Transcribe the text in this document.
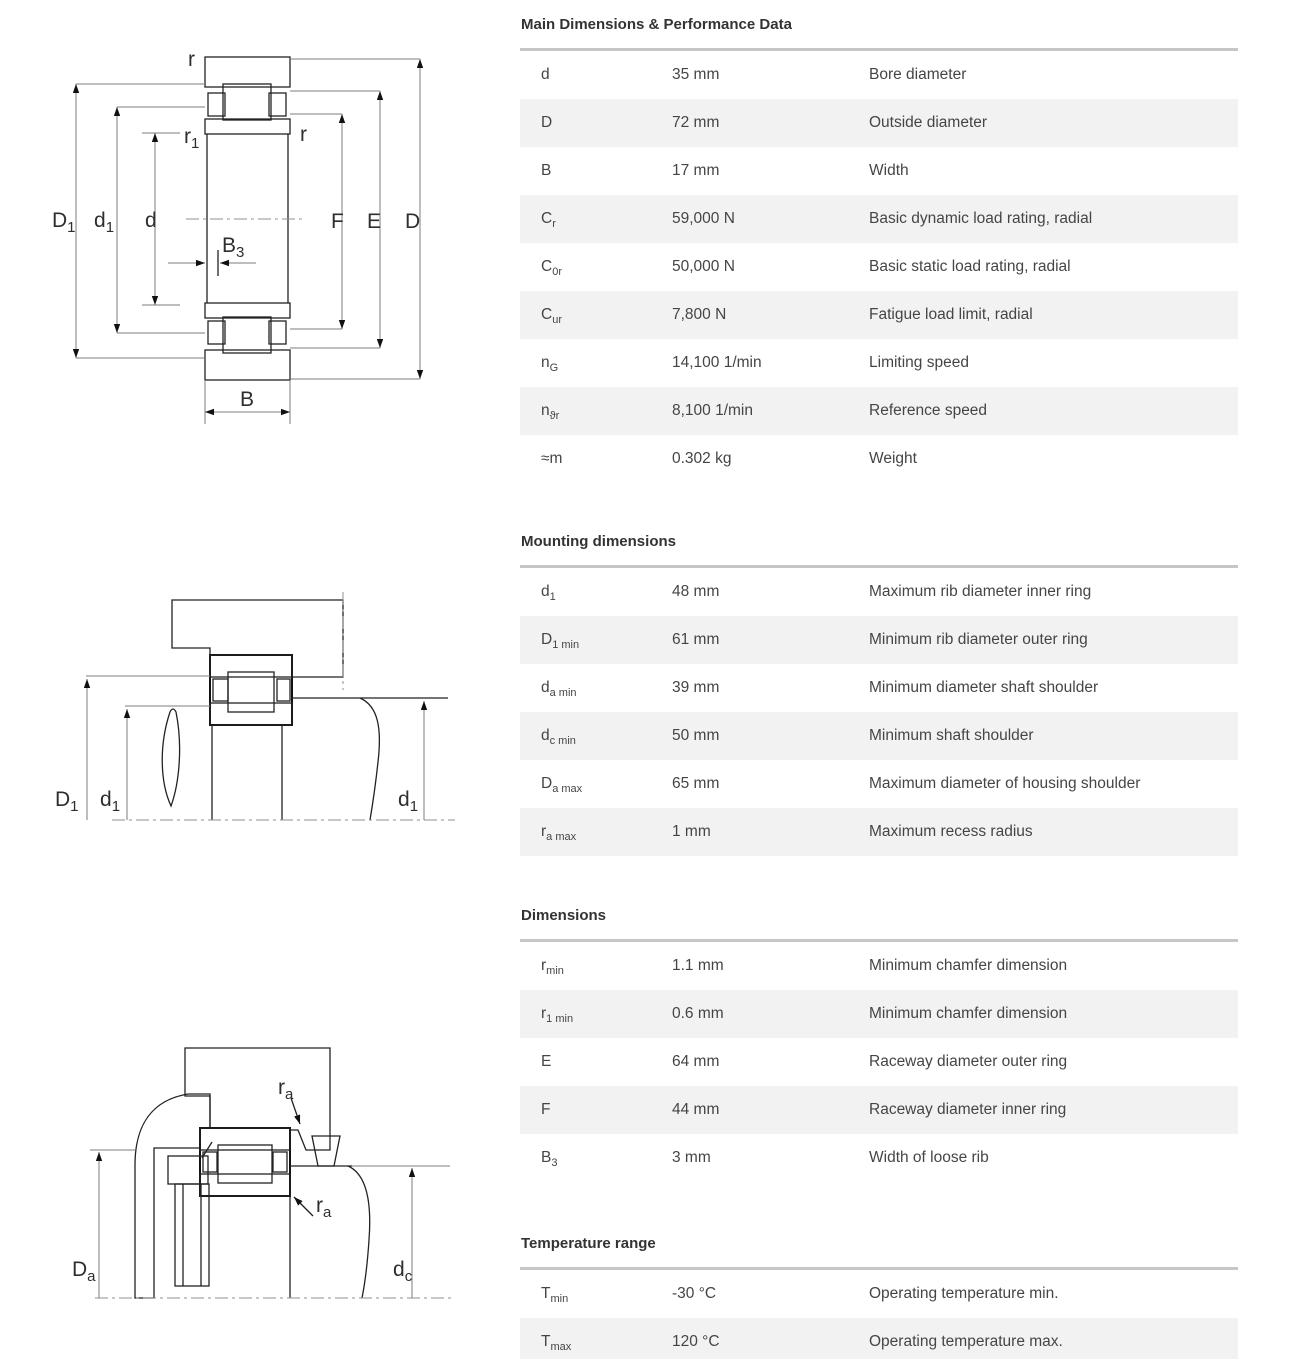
$D_1$ $d_1$ d
$B_3$
F E D
B
r
$r_1$	r
$D_1$ $d_1$	$d_1$
$r_a$
$r_a$
$D_a$	$d_c$
Main Dimensions & Performance Data
d	35 mm	Bore diameter
D	72 mm	Outside diameter
B	17 mm	Width
$C_r$	59,000 N	Basic dynamic load rating, radial
$C_{0r}$	50,000 N	Basic static load rating, radial
$C_{ur}$	7,800 N	Fatigue load limit, radial
$n_G$	14,100 1/min	Limiting speed
$n_{ϑr}$	8,100 1/min	Reference speed
≈m	0.302 kg	Weight
Mounting dimensions
$d_1$	48 mm	Maximum rib diameter inner ring
$D_{1 min}$	61 mm	Minimum rib diameter outer ring
$d_{a min}$	39 mm	Minimum diameter shaft shoulder
$d_{c min}$	50 mm	Minimum shaft shoulder
$D_{a max}$	65 mm	Maximum diameter of housing shoulder
$r_{a max}$	1 mm	Maximum recess radius
Dimensions
$r_{min}$	1.1 mm	Minimum chamfer dimension
$r_{1 min}$	0.6 mm	Minimum chamfer dimension
E	64 mm	Raceway diameter outer ring
F	44 mm	Raceway diameter inner ring
$B_3$	3 mm	Width of loose rib
Temperature range
$T_{min}$	-30 °C	Operating temperature min.
$T_{max}$	120 °C	Operating temperature max.
